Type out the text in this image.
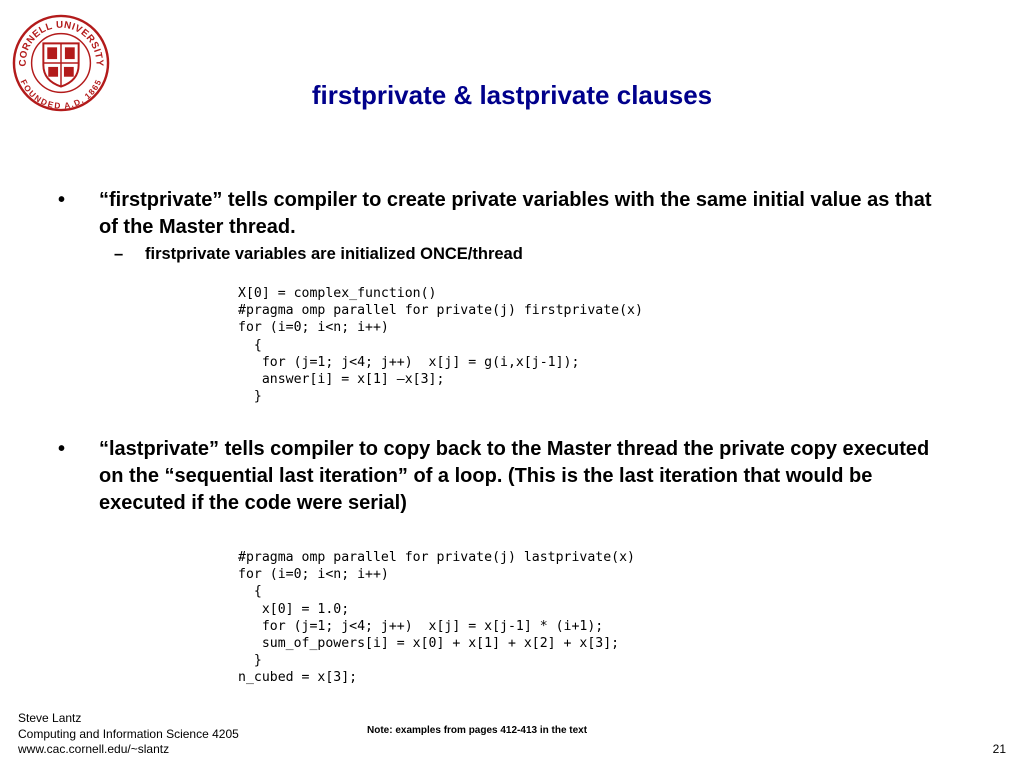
CORNELL UNIVERSITY
FOUNDED A.D. 1865	firstprivate & lastprivate clauses
•	“firstprivate” tells compiler to create private variables with the same initial value as that of the Master thread.
– firstprivate variables are initialized ONCE/thread
X[0] = complex_function()
#pragma omp parallel for private(j) firstprivate(x)
for (i=0; i<n; i++)
{
for (j=1; j<4; j++)  x[j] = g(i,x[j-1]);
answer[i] = x[1] –x[3];
}
•	“lastprivate” tells compiler to copy back to the Master thread the private copy executed on the “sequential last iteration” of a loop. (This is the last iteration that would be executed if the code were serial)
#pragma omp parallel for private(j) lastprivate(x)
for (i=0; i<n; i++)
{
x[0] = 1.0;
for (j=1; j<4; j++)  x[j] = x[j-1] * (i+1);
sum_of_powers[i] = x[0] + x[1] + x[2] + x[3];
}
n_cubed = x[3];
Steve Lantz
Computing and Information Science 4205
www.cac.cornell.edu/~slantz
Note: examples from pages 412-413 in the text
21
